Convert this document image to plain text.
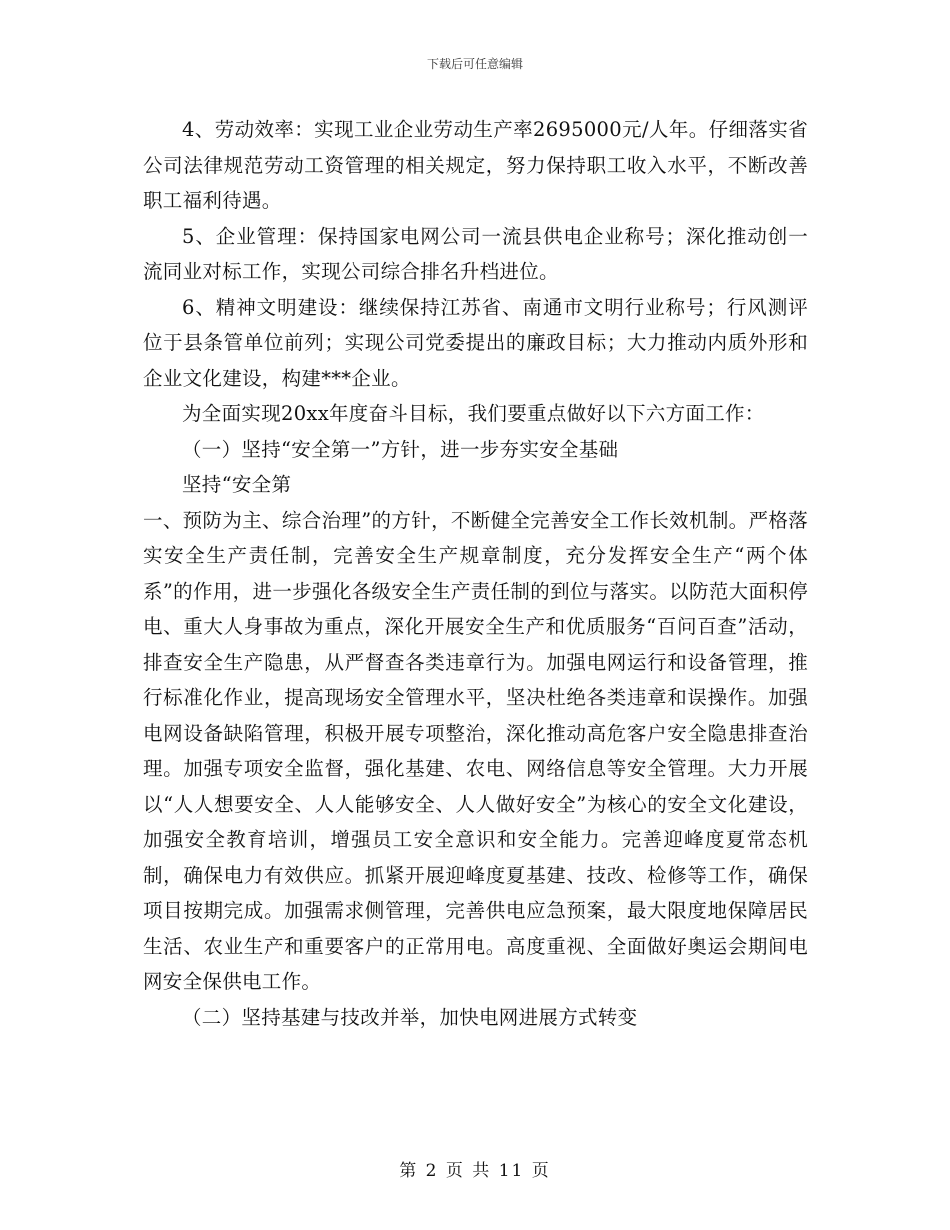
下载后可任意编辑

4、劳动效率：实现工业企业劳动生产率2695000元/人年。仔细落实省公司法律规范劳动工资管理的相关规定，努力保持职工收入水平，不断改善职工福利待遇。

5、企业管理：保持国家电网公司一流县供电企业称号；深化推动创一流同业对标工作，实现公司综合排名升档进位。

6、精神文明建设：继续保持江苏省、南通市文明行业称号；行风测评位于县条管单位前列；实现公司党委提出的廉政目标；大力推动内质外形和企业文化建设，构建***企业。

为全面实现20xx年度奋斗目标，我们要重点做好以下六方面工作：

（一）坚持“安全第一”方针，进一步夯实安全基础

坚持“安全第

一、预防为主、综合治理”的方针，不断健全完善安全工作长效机制。严格落实安全生产责任制，完善安全生产规章制度，充分发挥安全生产“两个体系”的作用，进一步强化各级安全生产责任制的到位与落实。以防范大面积停电、重大人身事故为重点，深化开展安全生产和优质服务“百问百查”活动，排查安全生产隐患，从严督查各类违章行为。加强电网运行和设备管理，推行标准化作业，提高现场安全管理水平，坚决杜绝各类违章和误操作。加强电网设备缺陷管理，积极开展专项整治，深化推动高危客户安全隐患排查治理。加强专项安全监督，强化基建、农电、网络信息等安全管理。大力开展以“人人想要安全、人人能够安全、人人做好安全”为核心的安全文化建设，加强安全教育培训，增强员工安全意识和安全能力。完善迎峰度夏常态机制，确保电力有效供应。抓紧开展迎峰度夏基建、技改、检修等工作，确保项目按期完成。加强需求侧管理，完善供电应急预案，最大限度地保障居民生活、农业生产和重要客户的正常用电。高度重视、全面做好奥运会期间电网安全保供电工作。

（二）坚持基建与技改并举，加快电网进展方式转变

第 2 页 共 11 页
